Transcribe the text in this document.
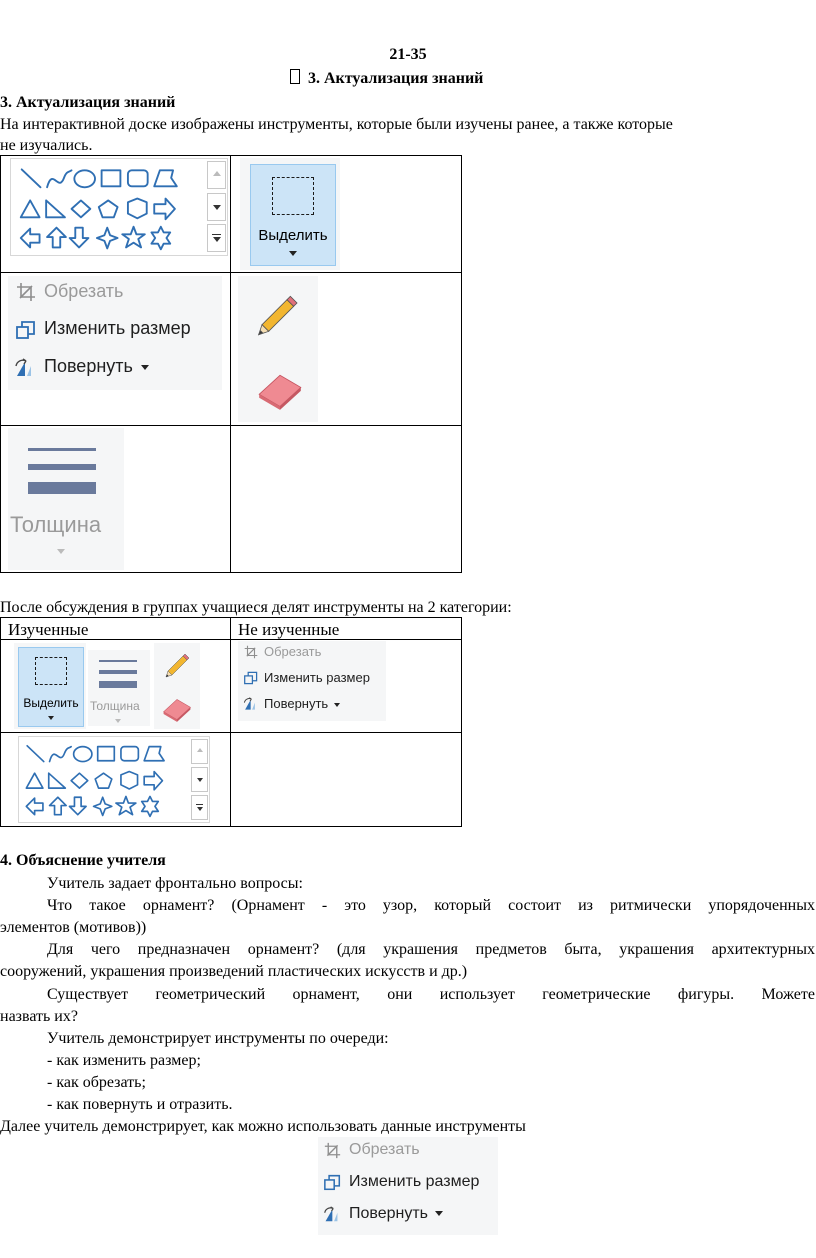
21-35
3. Актуализация знаний
3. Актуализация знаний
На интерактивной доске изображены инструменты, которые были изучены ранее, а также которые
не изучались.
Выделить
Обрезать
Изменить размер
Повернуть
Толщина
После обсуждения в группах учащиеся делят инструменты на 2 категории:
Изученные	Не изученные
Выделить Толщина
Обрезать
Изменить размер
Повернуть
4. Объяснение учителя
Учитель задает фронтально вопросы:
Что такое орнамент? (Орнамент - это узор, который состоит из ритмически упорядоченных
элементов (мотивов))
Для чего предназначен орнамент? (для украшения предметов быта, украшения архитектурных
сооружений, украшения произведений пластических искусств и др.)
Существует геометрический орнамент, они использует геометрические фигуры. Можете
назвать их?
Учитель демонстрирует инструменты по очереди:
- как изменить размер;
- как обрезать;
- как повернуть и отразить.
Далее учитель демонстрирует, как можно использовать данные инструменты
Обрезать
Изменить размер
Повернуть
